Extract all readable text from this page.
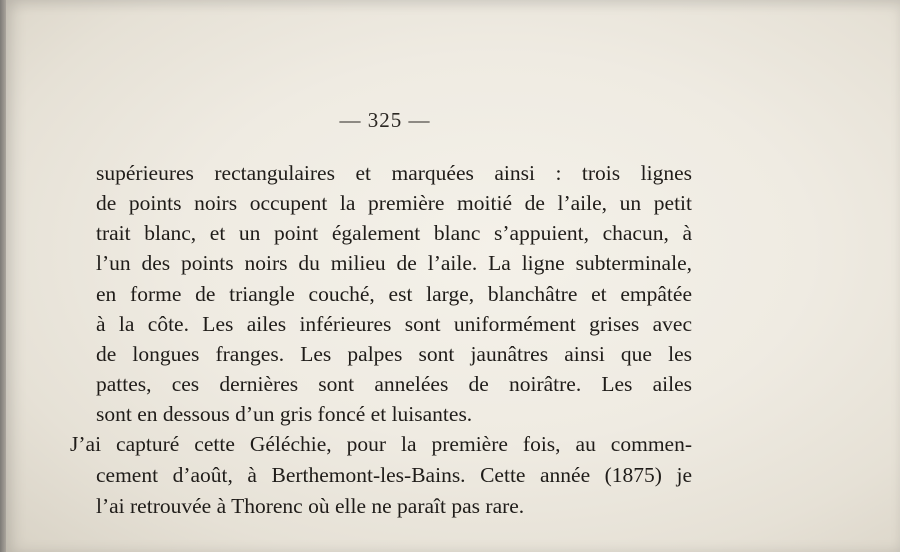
— 325 —
supérieures rectangulaires et marquées ainsi : trois lignes
de points noirs occupent la première moitié de l’aile, un petit
trait blanc, et un point également blanc s’appuient, chacun, à
l’un des points noirs du milieu de l’aile. La ligne subterminale,
en forme de triangle couché, est large, blanchâtre et empâtée
à la côte. Les ailes inférieures sont uniformément grises avec
de longues franges. Les palpes sont jaunâtres ainsi que les
pattes, ces dernières sont annelées de noirâtre. Les ailes
sont en dessous d’un gris foncé et luisantes.
J’ai capturé cette Géléchie, pour la première fois, au commen-
cement d’août, à Berthemont-les-Bains. Cette année (1875) je
l’ai retrouvée à Thorenc où elle ne paraît pas rare.
